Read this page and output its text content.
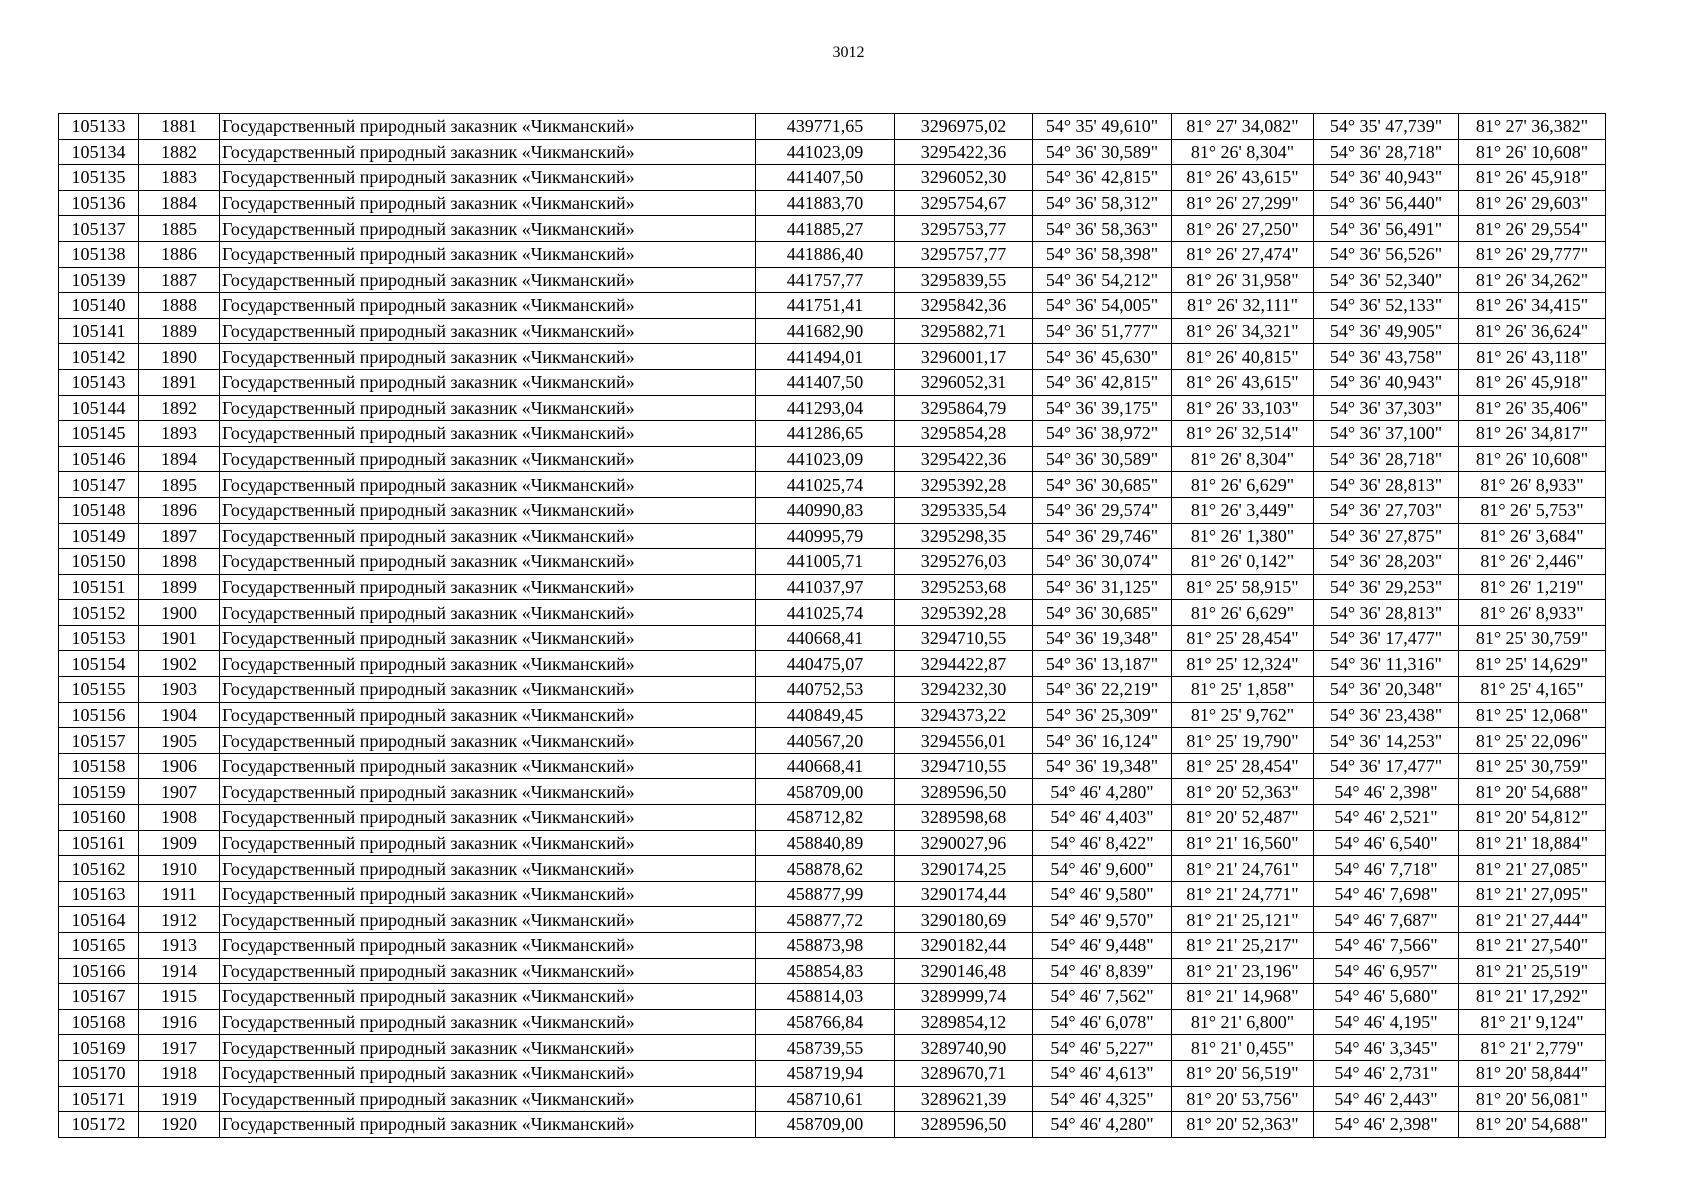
3012
105133	1881	Государственный природный заказник «Чикманский»	439771,65	3296975,02	54° 35' 49,610"	81° 27' 34,082"	54° 35' 47,739"	81° 27' 36,382"
105134	1882	Государственный природный заказник «Чикманский»	441023,09	3295422,36	54° 36' 30,589"	81° 26' 8,304"	54° 36' 28,718"	81° 26' 10,608"
105135	1883	Государственный природный заказник «Чикманский»	441407,50	3296052,30	54° 36' 42,815"	81° 26' 43,615"	54° 36' 40,943"	81° 26' 45,918"
105136	1884	Государственный природный заказник «Чикманский»	441883,70	3295754,67	54° 36' 58,312"	81° 26' 27,299"	54° 36' 56,440"	81° 26' 29,603"
105137	1885	Государственный природный заказник «Чикманский»	441885,27	3295753,77	54° 36' 58,363"	81° 26' 27,250"	54° 36' 56,491"	81° 26' 29,554"
105138	1886	Государственный природный заказник «Чикманский»	441886,40	3295757,77	54° 36' 58,398"	81° 26' 27,474"	54° 36' 56,526"	81° 26' 29,777"
105139	1887	Государственный природный заказник «Чикманский»	441757,77	3295839,55	54° 36' 54,212"	81° 26' 31,958"	54° 36' 52,340"	81° 26' 34,262"
105140	1888	Государственный природный заказник «Чикманский»	441751,41	3295842,36	54° 36' 54,005"	81° 26' 32,111"	54° 36' 52,133"	81° 26' 34,415"
105141	1889	Государственный природный заказник «Чикманский»	441682,90	3295882,71	54° 36' 51,777"	81° 26' 34,321"	54° 36' 49,905"	81° 26' 36,624"
105142	1890	Государственный природный заказник «Чикманский»	441494,01	3296001,17	54° 36' 45,630"	81° 26' 40,815"	54° 36' 43,758"	81° 26' 43,118"
105143	1891	Государственный природный заказник «Чикманский»	441407,50	3296052,31	54° 36' 42,815"	81° 26' 43,615"	54° 36' 40,943"	81° 26' 45,918"
105144	1892	Государственный природный заказник «Чикманский»	441293,04	3295864,79	54° 36' 39,175"	81° 26' 33,103"	54° 36' 37,303"	81° 26' 35,406"
105145	1893	Государственный природный заказник «Чикманский»	441286,65	3295854,28	54° 36' 38,972"	81° 26' 32,514"	54° 36' 37,100"	81° 26' 34,817"
105146	1894	Государственный природный заказник «Чикманский»	441023,09	3295422,36	54° 36' 30,589"	81° 26' 8,304"	54° 36' 28,718"	81° 26' 10,608"
105147	1895	Государственный природный заказник «Чикманский»	441025,74	3295392,28	54° 36' 30,685"	81° 26' 6,629"	54° 36' 28,813"	81° 26' 8,933"
105148	1896	Государственный природный заказник «Чикманский»	440990,83	3295335,54	54° 36' 29,574"	81° 26' 3,449"	54° 36' 27,703"	81° 26' 5,753"
105149	1897	Государственный природный заказник «Чикманский»	440995,79	3295298,35	54° 36' 29,746"	81° 26' 1,380"	54° 36' 27,875"	81° 26' 3,684"
105150	1898	Государственный природный заказник «Чикманский»	441005,71	3295276,03	54° 36' 30,074"	81° 26' 0,142"	54° 36' 28,203"	81° 26' 2,446"
105151	1899	Государственный природный заказник «Чикманский»	441037,97	3295253,68	54° 36' 31,125"	81° 25' 58,915"	54° 36' 29,253"	81° 26' 1,219"
105152	1900	Государственный природный заказник «Чикманский»	441025,74	3295392,28	54° 36' 30,685"	81° 26' 6,629"	54° 36' 28,813"	81° 26' 8,933"
105153	1901	Государственный природный заказник «Чикманский»	440668,41	3294710,55	54° 36' 19,348"	81° 25' 28,454"	54° 36' 17,477"	81° 25' 30,759"
105154	1902	Государственный природный заказник «Чикманский»	440475,07	3294422,87	54° 36' 13,187"	81° 25' 12,324"	54° 36' 11,316"	81° 25' 14,629"
105155	1903	Государственный природный заказник «Чикманский»	440752,53	3294232,30	54° 36' 22,219"	81° 25' 1,858"	54° 36' 20,348"	81° 25' 4,165"
105156	1904	Государственный природный заказник «Чикманский»	440849,45	3294373,22	54° 36' 25,309"	81° 25' 9,762"	54° 36' 23,438"	81° 25' 12,068"
105157	1905	Государственный природный заказник «Чикманский»	440567,20	3294556,01	54° 36' 16,124"	81° 25' 19,790"	54° 36' 14,253"	81° 25' 22,096"
105158	1906	Государственный природный заказник «Чикманский»	440668,41	3294710,55	54° 36' 19,348"	81° 25' 28,454"	54° 36' 17,477"	81° 25' 30,759"
105159	1907	Государственный природный заказник «Чикманский»	458709,00	3289596,50	54° 46' 4,280"	81° 20' 52,363"	54° 46' 2,398"	81° 20' 54,688"
105160	1908	Государственный природный заказник «Чикманский»	458712,82	3289598,68	54° 46' 4,403"	81° 20' 52,487"	54° 46' 2,521"	81° 20' 54,812"
105161	1909	Государственный природный заказник «Чикманский»	458840,89	3290027,96	54° 46' 8,422"	81° 21' 16,560"	54° 46' 6,540"	81° 21' 18,884"
105162	1910	Государственный природный заказник «Чикманский»	458878,62	3290174,25	54° 46' 9,600"	81° 21' 24,761"	54° 46' 7,718"	81° 21' 27,085"
105163	1911	Государственный природный заказник «Чикманский»	458877,99	3290174,44	54° 46' 9,580"	81° 21' 24,771"	54° 46' 7,698"	81° 21' 27,095"
105164	1912	Государственный природный заказник «Чикманский»	458877,72	3290180,69	54° 46' 9,570"	81° 21' 25,121"	54° 46' 7,687"	81° 21' 27,444"
105165	1913	Государственный природный заказник «Чикманский»	458873,98	3290182,44	54° 46' 9,448"	81° 21' 25,217"	54° 46' 7,566"	81° 21' 27,540"
105166	1914	Государственный природный заказник «Чикманский»	458854,83	3290146,48	54° 46' 8,839"	81° 21' 23,196"	54° 46' 6,957"	81° 21' 25,519"
105167	1915	Государственный природный заказник «Чикманский»	458814,03	3289999,74	54° 46' 7,562"	81° 21' 14,968"	54° 46' 5,680"	81° 21' 17,292"
105168	1916	Государственный природный заказник «Чикманский»	458766,84	3289854,12	54° 46' 6,078"	81° 21' 6,800"	54° 46' 4,195"	81° 21' 9,124"
105169	1917	Государственный природный заказник «Чикманский»	458739,55	3289740,90	54° 46' 5,227"	81° 21' 0,455"	54° 46' 3,345"	81° 21' 2,779"
105170	1918	Государственный природный заказник «Чикманский»	458719,94	3289670,71	54° 46' 4,613"	81° 20' 56,519"	54° 46' 2,731"	81° 20' 58,844"
105171	1919	Государственный природный заказник «Чикманский»	458710,61	3289621,39	54° 46' 4,325"	81° 20' 53,756"	54° 46' 2,443"	81° 20' 56,081"
105172	1920	Государственный природный заказник «Чикманский»	458709,00	3289596,50	54° 46' 4,280"	81° 20' 52,363"	54° 46' 2,398"	81° 20' 54,688"
